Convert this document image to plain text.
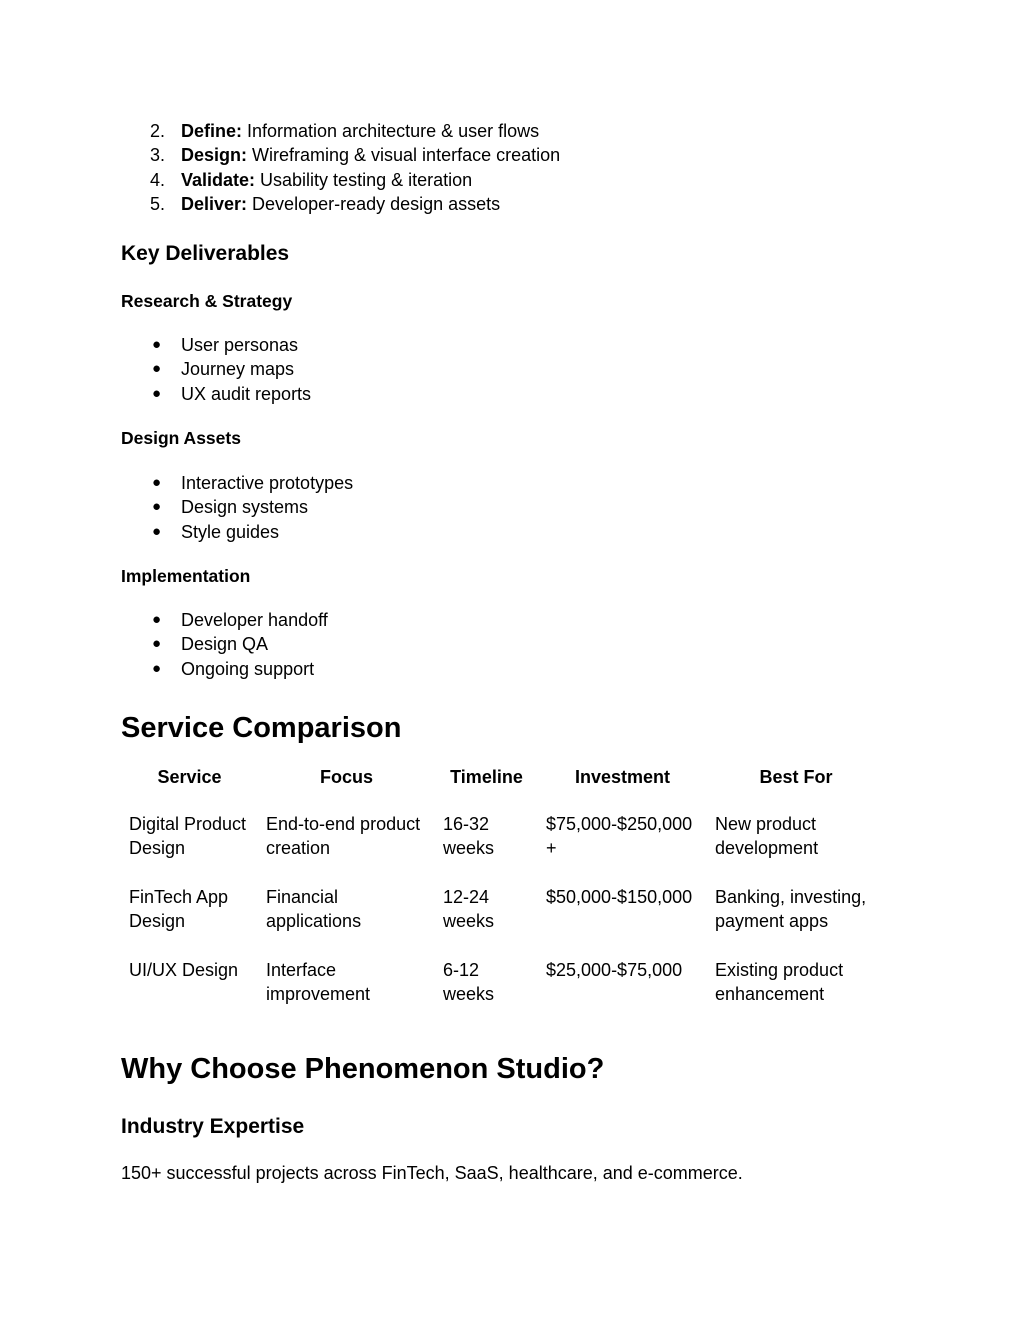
2. Define: Information architecture & user flows
3. Design: Wireframing & visual interface creation
4. Validate: Usability testing & iteration
5. Deliver: Developer-ready design assets
Key Deliverables
Research & Strategy
● User personas
● Journey maps
● UX audit reports
Design Assets
● Interactive prototypes
● Design systems
● Style guides
Implementation
● Developer handoff
● Design QA
● Ongoing support
Service Comparison
Service	Focus	Timeline	Investment	Best For
Digital Product Design	End-to-end product creation	16-32 weeks	$75,000-$250,000+	New product development
FinTech App Design	Financial applications	12-24 weeks	$50,000-$150,000	Banking, investing, payment apps
UI/UX Design	Interface improvement	6-12 weeks	$25,000-$75,000	Existing product enhancement
Why Choose Phenomenon Studio?
Industry Expertise

150+ successful projects across FinTech, SaaS, healthcare, and e-commerce.
